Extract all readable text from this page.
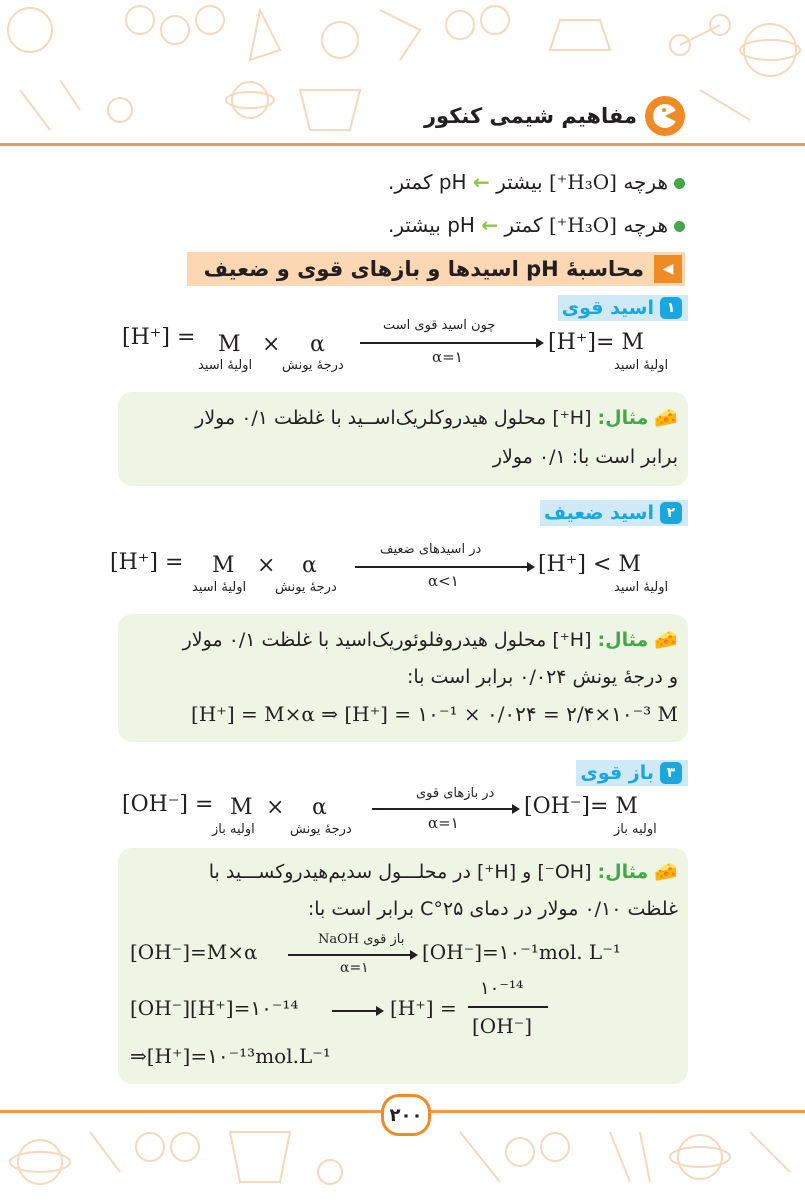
مفاهیم شیمی کنکور
هرچه [H₃O⁺] بیشتر ← pH کمتر.
هرچه [H₃O⁺] کمتر ← pH بیشتر.
◀
محاسبهٔ pH اسیدها و بازهای قوی و ضعیف
۱
اسید قوی
[H⁺] = M × α
اولیهٔ اسید درجهٔ یونش
چون اسید قوی است
α=۱
[H⁺]= M
اولیهٔ اسید
🧀 مثال: [H⁺] محلول هیدروکلریک‌اســید با غلظت ۰/۱ مولار
برابر است با: ۰/۱ مولار
۲
اسید ضعیف
[H⁺] = M × α
اولیهٔ اسید درجهٔ یونش
در اسیدهای ضعیف
α<۱
[H⁺] < M
اولیهٔ اسید
🧀 مثال: [H⁺] محلول هیدروفلوئوریک‌اسید با غلظت ۰/۱ مولار
و درجهٔ یونش ۰/۰۲۴ برابر است با:
[H⁺] = M×α ⇒ [H⁺] = ۱۰⁻¹ × ۰/۰۲۴ = ۲/۴×۱۰⁻³ M
۳
باز قوی
[OH⁻] = M × α
اولیه باز	درجهٔ یونش
در بازهای قوی
α=۱
[OH⁻]= M
اولیه باز
🧀 مثال: [OH⁻] و [H⁺] در محلـــول سدیم‌هیدروکســـید با
غلظت ۰/۱۰ مولار در دمای ۲۵°C برابر است با:
[OH⁻]=M×α
باز قوی NaOH
α=۱
[OH⁻]=۱۰⁻¹mol. L⁻¹
[OH⁻][H⁺]=۱۰⁻¹⁴ → [H⁺] =
۱۰⁻¹⁴
[OH⁻]
⇒[H⁺]=۱۰⁻¹³mol.L⁻¹
۲۰۰
